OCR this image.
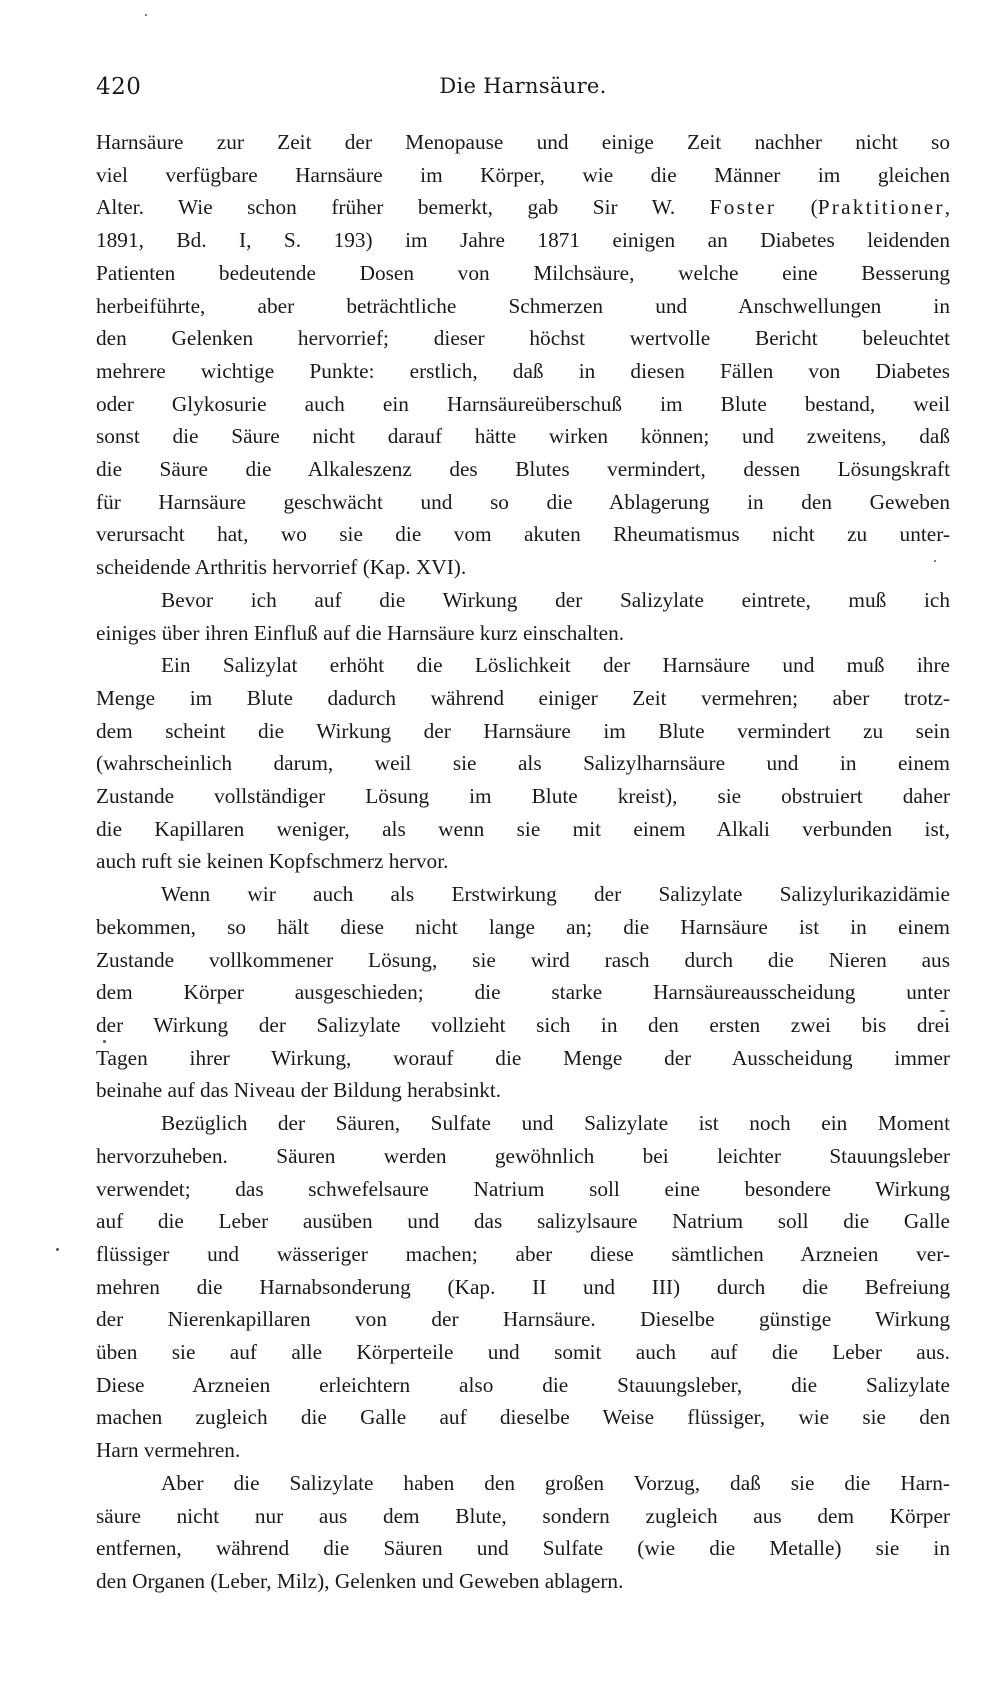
420	Die Harnsäure.
Harnsäure zur Zeit der Menopause und einige Zeit nachher nicht so
viel verfügbare Harnsäure im Körper, wie die Männer im gleichen
Alter. Wie schon früher bemerkt, gab Sir W. Foster (Praktitioner,
1891, Bd. I, S. 193) im Jahre 1871 einigen an Diabetes leidenden
Patienten bedeutende Dosen von Milchsäure, welche eine Besserung
herbeiführte, aber beträchtliche Schmerzen und Anschwellungen in
den Gelenken hervorrief; dieser höchst wertvolle Bericht beleuchtet
mehrere wichtige Punkte: erstlich, daß in diesen Fällen von Diabetes
oder Glykosurie auch ein Harnsäureüberschuß im Blute bestand, weil
sonst die Säure nicht darauf hätte wirken können; und zweitens, daß
die Säure die Alkaleszenz des Blutes vermindert, dessen Lösungskraft
für Harnsäure geschwächt und so die Ablagerung in den Geweben
verursacht hat, wo sie die vom akuten Rheumatismus nicht zu unter-
scheidende Arthritis hervorrief (Kap. XVI).
Bevor ich auf die Wirkung der Salizylate eintrete, muß ich
einiges über ihren Einfluß auf die Harnsäure kurz einschalten.
Ein Salizylat erhöht die Löslichkeit der Harnsäure und muß ihre
Menge im Blute dadurch während einiger Zeit vermehren; aber trotz-
dem scheint die Wirkung der Harnsäure im Blute vermindert zu sein
(wahrscheinlich darum, weil sie als Salizylharnsäure und in einem
Zustande vollständiger Lösung im Blute kreist), sie obstruiert daher
die Kapillaren weniger, als wenn sie mit einem Alkali verbunden ist,
auch ruft sie keinen Kopfschmerz hervor.
Wenn wir auch als Erstwirkung der Salizylate Salizylurikazidämie
bekommen, so hält diese nicht lange an; die Harnsäure ist in einem
Zustande vollkommener Lösung, sie wird rasch durch die Nieren aus
dem Körper ausgeschieden; die starke Harnsäureausscheidung unter
der Wirkung der Salizylate vollzieht sich in den ersten zwei bis drei
Tagen ihrer Wirkung, worauf die Menge der Ausscheidung immer
beinahe auf das Niveau der Bildung herabsinkt.
Bezüglich der Säuren, Sulfate und Salizylate ist noch ein Moment
hervorzuheben. Säuren werden gewöhnlich bei leichter Stauungsleber
verwendet; das schwefelsaure Natrium soll eine besondere Wirkung
auf die Leber ausüben und das salizylsaure Natrium soll die Galle
flüssiger und wässeriger machen; aber diese sämtlichen Arzneien ver-
mehren die Harnabsonderung (Kap. II und III) durch die Befreiung
der Nierenkapillaren von der Harnsäure. Dieselbe günstige Wirkung
üben sie auf alle Körperteile und somit auch auf die Leber aus.
Diese Arzneien erleichtern also die Stauungsleber, die Salizylate
machen zugleich die Galle auf dieselbe Weise flüssiger, wie sie den
Harn vermehren.
Aber die Salizylate haben den großen Vorzug, daß sie die Harn-
säure nicht nur aus dem Blute, sondern zugleich aus dem Körper
entfernen, während die Säuren und Sulfate (wie die Metalle) sie in
den Organen (Leber, Milz), Gelenken und Geweben ablagern.
